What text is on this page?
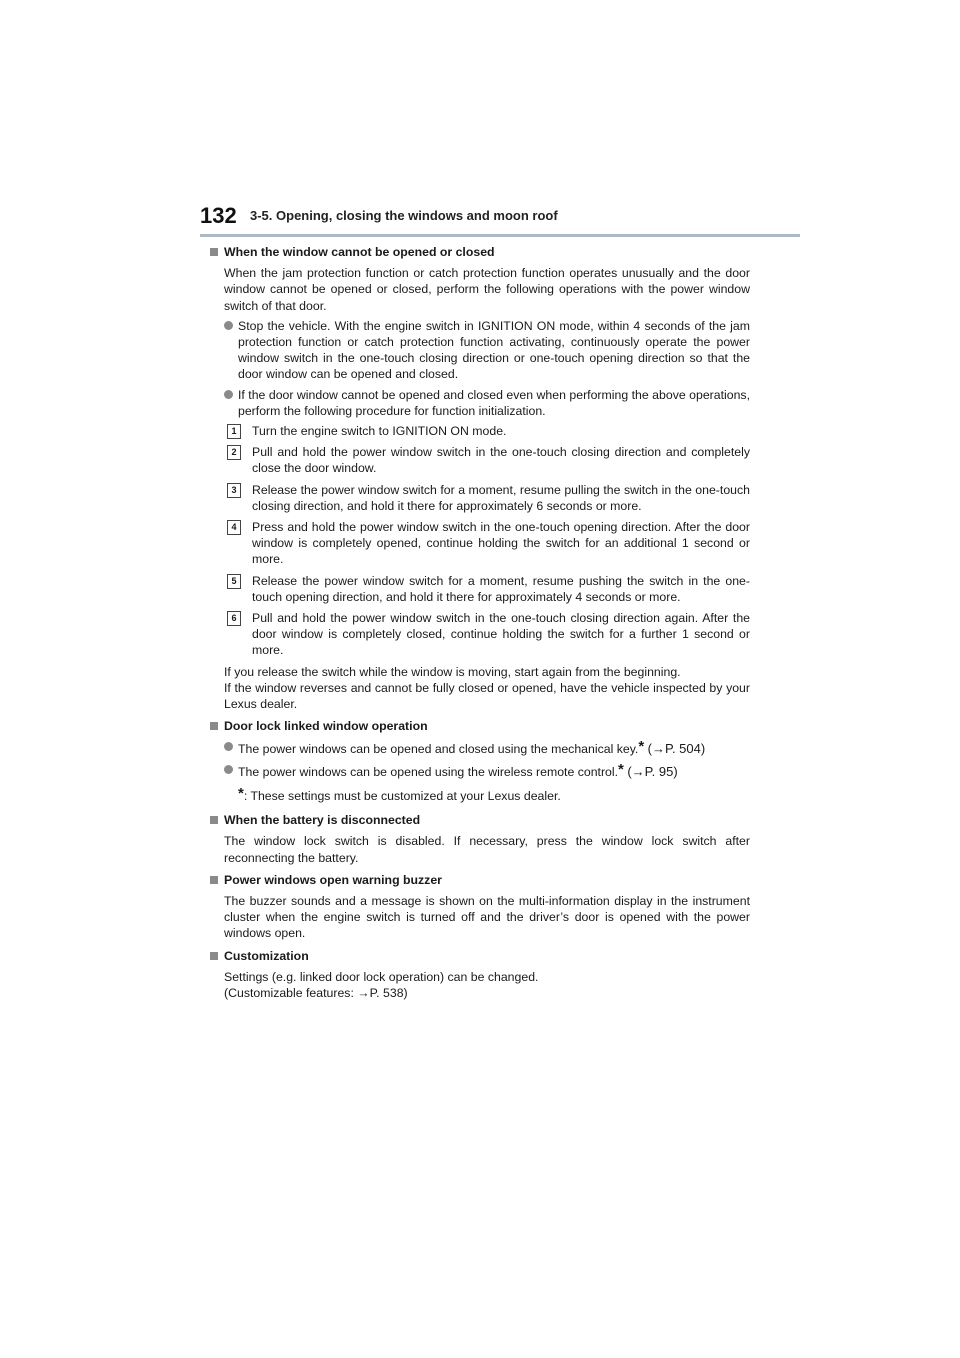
132 3-5. Opening, closing the windows and moon roof
When the window cannot be opened or closed
When the jam protection function or catch protection function operates unusually and the door window cannot be opened or closed, perform the following operations with the power window switch of that door.
Stop the vehicle. With the engine switch in IGNITION ON mode, within 4 seconds of the jam protection function or catch protection function activating, continuously operate the power window switch in the one-touch closing direction or one-touch opening direction so that the door window can be opened and closed.
If the door window cannot be opened and closed even when performing the above operations, perform the following procedure for function initialization.
1	Turn the engine switch to IGNITION ON mode.
2	Pull and hold the power window switch in the one-touch closing direction and completely close the door window.
3	Release the power window switch for a moment, resume pulling the switch in the one-touch closing direction, and hold it there for approximately 6 seconds or more.
4	Press and hold the power window switch in the one-touch opening direction. After the door window is completely opened, continue holding the switch for an additional 1 second or more.
5	Release the power window switch for a moment, resume pushing the switch in the one-touch opening direction, and hold it there for approximately 4 seconds or more.
6	Pull and hold the power window switch in the one-touch closing direction again. After the door window is completely closed, continue holding the switch for a further 1 second or more.
If you release the switch while the window is moving, start again from the beginning.
If the window reverses and cannot be fully closed or opened, have the vehicle inspected by your Lexus dealer.
Door lock linked window operation
The power windows can be opened and closed using the mechanical key.* (→P. 504)
The power windows can be opened using the wireless remote control.* (→P. 95)
*: These settings must be customized at your Lexus dealer.
When the battery is disconnected
The window lock switch is disabled. If necessary, press the window lock switch after reconnecting the battery.
Power windows open warning buzzer
The buzzer sounds and a message is shown on the multi-information display in the instrument cluster when the engine switch is turned off and the driver’s door is opened with the power windows open.
Customization
Settings (e.g. linked door lock operation) can be changed.
(Customizable features: →P. 538)
